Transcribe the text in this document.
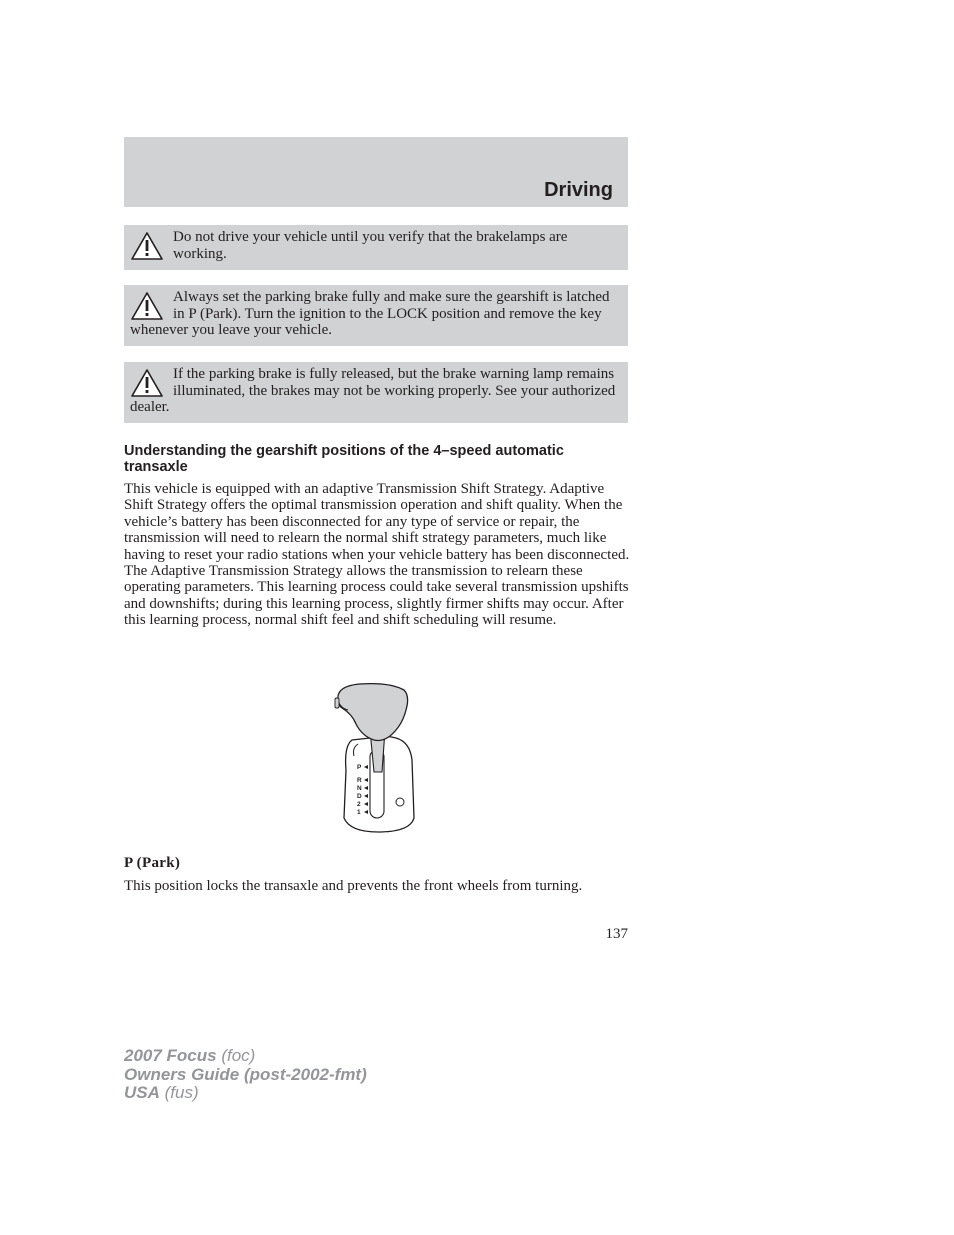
Driving
Do not drive your vehicle until you verify that the brakelamps are working.
Always set the parking brake fully and make sure the gearshift is latched in P (Park). Turn the ignition to the LOCK position and remove the key whenever you leave your vehicle.
If the parking brake is fully released, but the brake warning lamp remains illuminated, the brakes may not be working properly. See your authorized dealer.
Understanding the gearshift positions of the 4–speed automatic transaxle

This vehicle is equipped with an adaptive Transmission Shift Strategy. Adaptive Shift Strategy offers the optimal transmission operation and shift quality. When the vehicle’s battery has been disconnected for any type of service or repair, the transmission will need to relearn the normal shift strategy parameters, much like having to reset your radio stations when your vehicle battery has been disconnected. The Adaptive Transmission Strategy allows the transmission to relearn these operating parameters. This learning process could take several transmission upshifts and downshifts; during this learning process, slightly firmer shifts may occur. After this learning process, normal shift feel and shift scheduling will resume.

P
R
N
D
2
1
P (Park)

This position locks the transaxle and prevents the front wheels from turning.

137
2007 Focus (foc)
Owners Guide (post-2002-fmt)
USA (fus)
